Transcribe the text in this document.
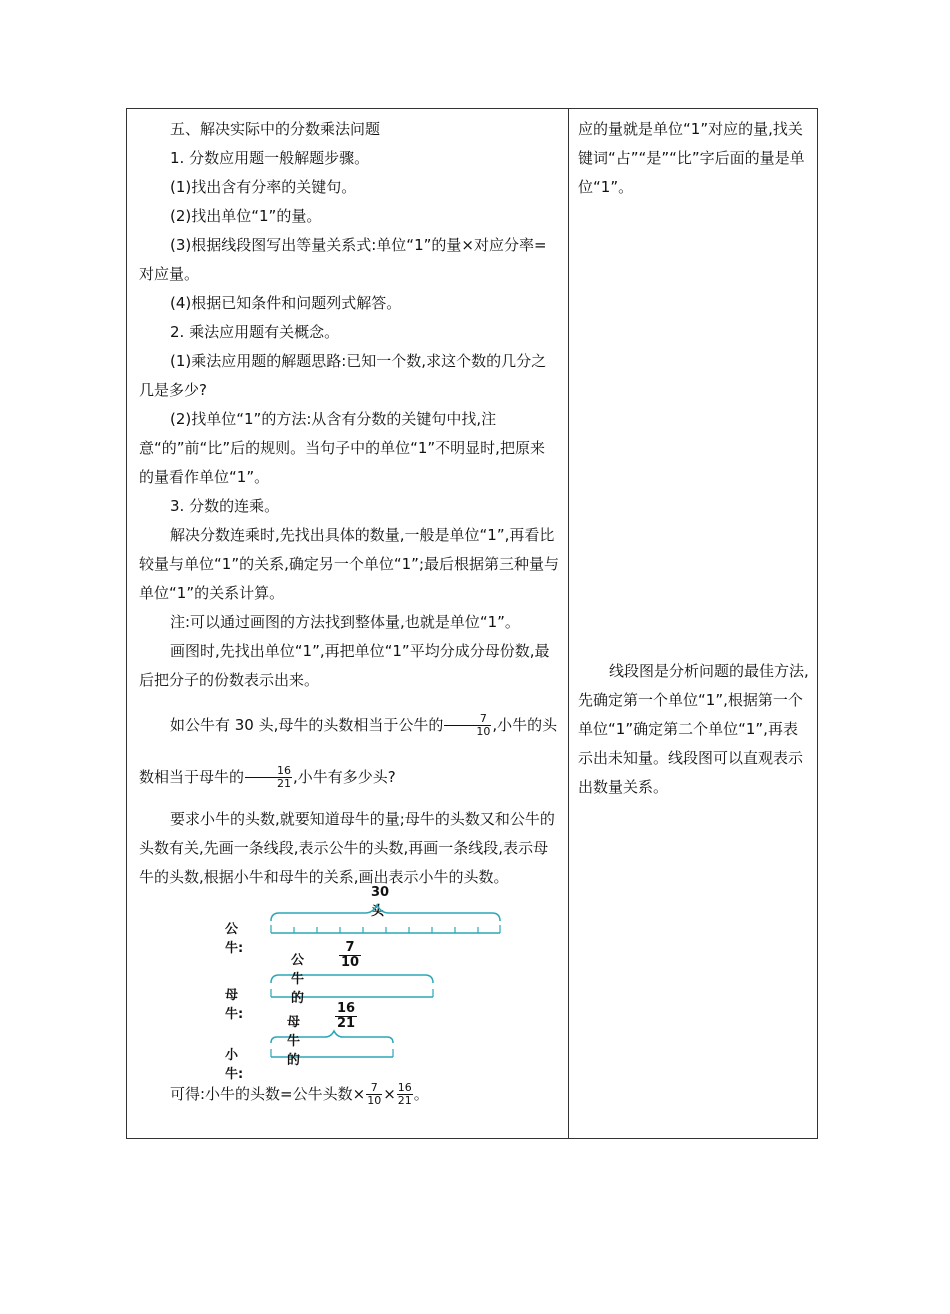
五、解决实际中的分数乘法问题

1. 分数应用题一般解题步骤。

(1)找出含有分率的关键句。

(2)找出单位“1”的量。

(3)根据线段图写出等量关系式:单位“1”的量×对应分率=对应量。

(4)根据已知条件和问题列式解答。

2. 乘法应用题有关概念。

(1)乘法应用题的解题思路:已知一个数,求这个数的几分之几是多少?

(2)找单位“1”的方法:从含有分数的关键句中找,注意“的”前“比”后的规则。当句子中的单位“1”不明显时,把原来的量看作单位“1”。

3. 分数的连乘。

解决分数连乘时,先找出具体的数量,一般是单位“1”,再看比较量与单位“1”的关系,确定另一个单位“1”;最后根据第三种量与单位“1”的关系计算。

注:可以通过画图的方法找到整体量,也就是单位“1”。

画图时,先找出单位“1”,再把单位“1”平均分成分母份数,最后把分子的份数表示出来。

如公牛有 30 头,母牛的头数相当于公牛的 $\frac{7}{10}$ ,小牛的头数相当于母牛的 $\frac{16}{21}$ ,小牛有多少头?

要求小牛的头数,就要知道母牛的量;母牛的头数又和公牛的头数有关,先画一条线段,表示公牛的头数,再画一条线段,表示母牛的头数,根据小牛和母牛的关系,画出表示小牛的头数。

30头
公牛:
公牛的
7
10
母牛:
母牛的
16
21
小牛:

可得:小牛的头数=公牛头数× $\frac{7}{10} \times \frac{16}{21}$ 。

应的量就是单位“1”对应的量,找关键词“占”“是”“比”字后面的量是单位“1”。

线段图是分析问题的最佳方法,先确定第一个单位“1”,根据第一个单位“1”确定第二个单位“1”,再表示出未知量。线段图可以直观表示出数量关系。
